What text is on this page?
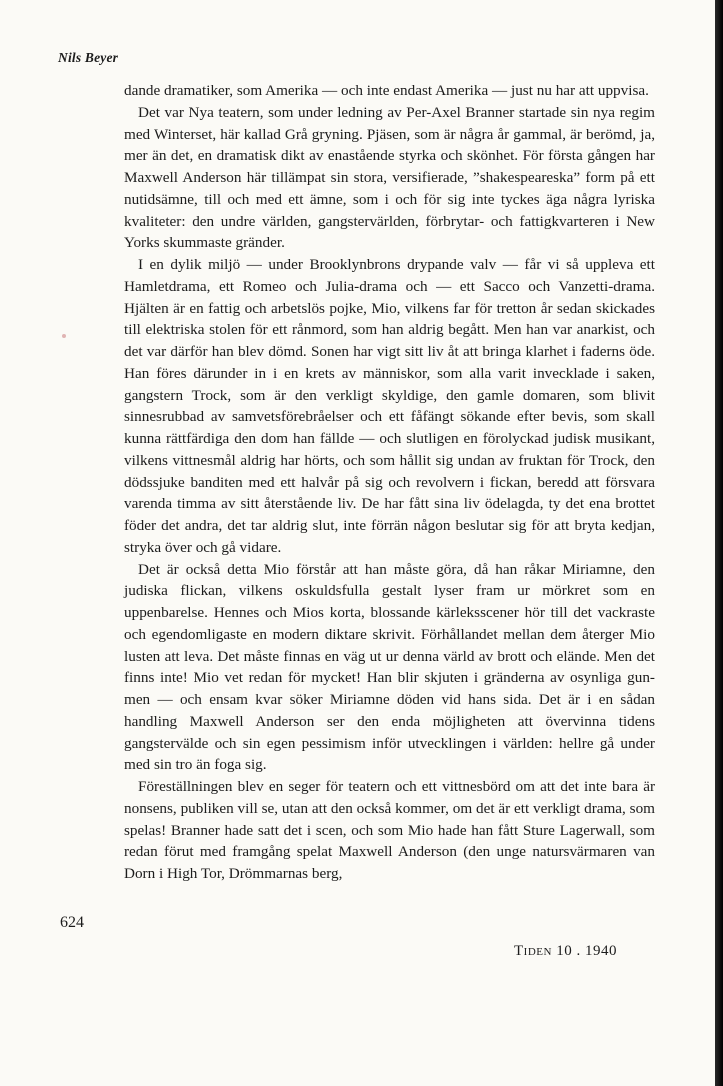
Nils Beyer

dande dramatiker, som Amerika — och inte endast Amerika — just nu har att uppvisa.

Det var Nya teatern, som under ledning av Per-Axel Branner startade sin nya regim med Winterset, här kallad Grå gryning. Pjäsen, som är några år gammal, är berömd, ja, mer än det, en dramatisk dikt av enastående styrka och skönhet. För första gången har Maxwell Anderson här tillämpat sin stora, versifierade, ”shakespeareska” form på ett nutidsämne, till och med ett ämne, som i och för sig inte tyckes äga några lyriska kvaliteter: den undre världen, gangstervärlden, förbrytar- och fattigkvarteren i New Yorks skummaste gränder.

I en dylik miljö — under Brooklynbrons drypande valv — får vi så uppleva ett Hamletdrama, ett Romeo och Julia-drama och — ett Sacco och Vanzetti-drama. Hjälten är en fattig och arbetslös pojke, Mio, vilkens far för tretton år sedan skickades till elektriska stolen för ett rånmord, som han aldrig begått. Men han var anarkist, och det var därför han blev dömd. Sonen har vigt sitt liv åt att bringa klarhet i faderns öde. Han föres därunder in i en krets av människor, som alla varit invecklade i saken, gangstern Trock, som är den verkligt skyldige, den gamle domaren, som blivit sinnesrubbad av samvetsförebråelser och ett fåfängt sökande efter bevis, som skall kunna rättfärdiga den dom han fällde — och slutligen en förolyckad judisk musikant, vilkens vittnesmål aldrig har hörts, och som hållit sig undan av fruktan för Trock, den dödssjuke banditen med ett halvår på sig och revolvern i fickan, beredd att försvara varenda timma av sitt återstående liv. De har fått sina liv ödelagda, ty det ena brottet föder det andra, det tar aldrig slut, inte förrän någon beslutar sig för att bryta kedjan, stryka över och gå vidare.

Det är också detta Mio förstår att han måste göra, då han råkar Miriamne, den judiska flickan, vilkens oskuldsfulla gestalt lyser fram ur mörkret som en uppenbarelse. Hennes och Mios korta, blossande kärleksscener hör till det vackraste och egendomligaste en modern diktare skrivit. Förhållandet mellan dem återger Mio lusten att leva. Det måste finnas en väg ut ur denna värld av brott och elände. Men det finns inte! Mio vet redan för mycket! Han blir skjuten i gränderna av osynliga gun-men — och ensam kvar söker Miriamne döden vid hans sida. Det är i en sådan handling Maxwell Anderson ser den enda möjligheten att övervinna tidens gangstervälde och sin egen pessimism inför utvecklingen i världen: hellre gå under med sin tro än foga sig.

Föreställningen blev en seger för teatern och ett vittnesbörd om att det inte bara är nonsens, publiken vill se, utan att den också kommer, om det är ett verkligt drama, som spelas! Branner hade satt det i scen, och som Mio hade han fått Sture Lagerwall, som redan förut med framgång spelat Maxwell Anderson (den unge natursvärmaren van Dorn i High Tor, Drömmarnas berg,

624
Tiden 10 . 1940
